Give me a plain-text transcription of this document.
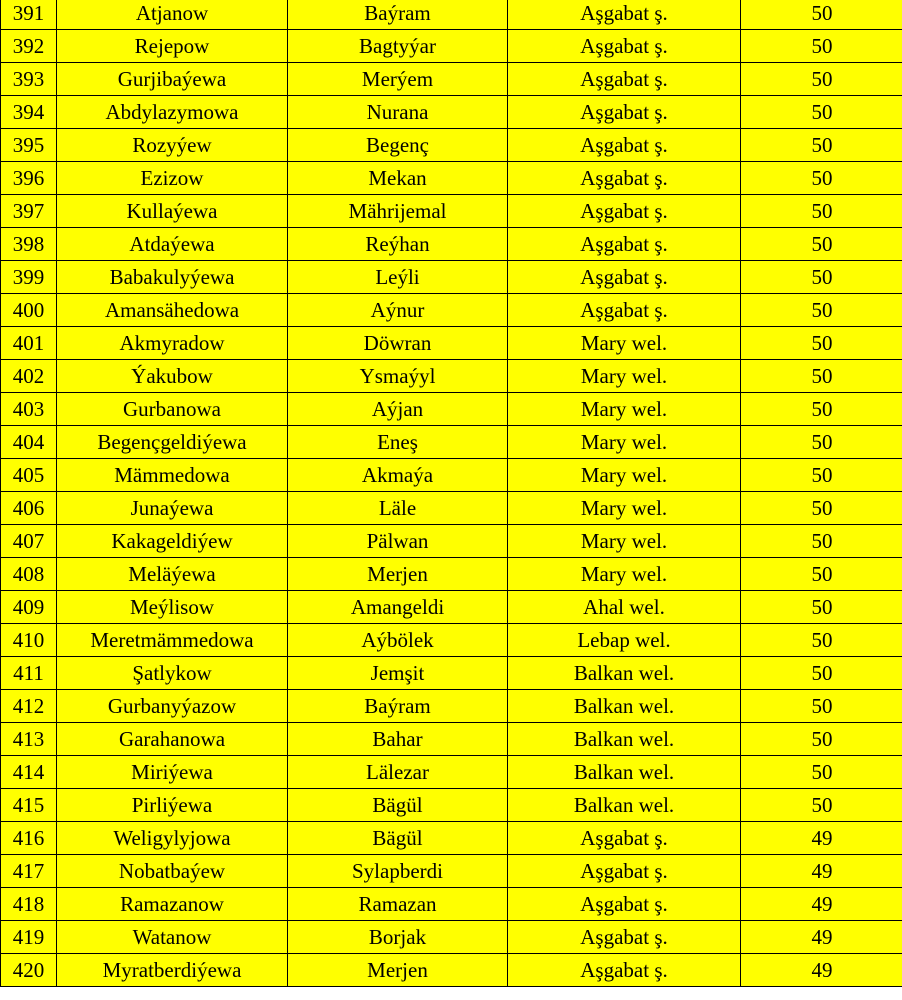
391	Atjanow	Baýram	Aşgabat ş.	50
392	Rejepow	Bagtyýar	Aşgabat ş.	50
393	Gurjibaýewa	Merýem	Aşgabat ş.	50
394	Abdylazymowa	Nurana	Aşgabat ş.	50
395	Rozyýew	Begenç	Aşgabat ş.	50
396	Ezizow	Mekan	Aşgabat ş.	50
397	Kullaýewa	Mährijemal	Aşgabat ş.	50
398	Atdaýewa	Reýhan	Aşgabat ş.	50
399	Babakulyýewa	Leýli	Aşgabat ş.	50
400	Amansähedowa	Aýnur	Aşgabat ş.	50
401	Akmyradow	Döwran	Mary wel.	50
402	Ýakubow	Ysmaýyl	Mary wel.	50
403	Gurbanowa	Aýjan	Mary wel.	50
404	Begençgeldiýewa	Eneş	Mary wel.	50
405	Mämmedowa	Akmaýa	Mary wel.	50
406	Junaýewa	Läle	Mary wel.	50
407	Kakageldiýew	Pälwan	Mary wel.	50
408	Meläýewa	Merjen	Mary wel.	50
409	Meýlisow	Amangeldi	Ahal wel.	50
410	Meretmämmedowa	Aýbölek	Lebap wel.	50
411	Şatlykow	Jemşit	Balkan wel.	50
412	Gurbanyýazow	Baýram	Balkan wel.	50
413	Garahanowa	Bahar	Balkan wel.	50
414	Miriýewa	Lälezar	Balkan wel.	50
415	Pirliýewa	Bägül	Balkan wel.	50
416	Weligylyjowa	Bägül	Aşgabat ş.	49
417	Nobatbaýew	Sylapberdi	Aşgabat ş.	49
418	Ramazanow	Ramazan	Aşgabat ş.	49
419	Watanow	Borjak	Aşgabat ş.	49
420	Myratberdiýewa	Merjen	Aşgabat ş.	49
